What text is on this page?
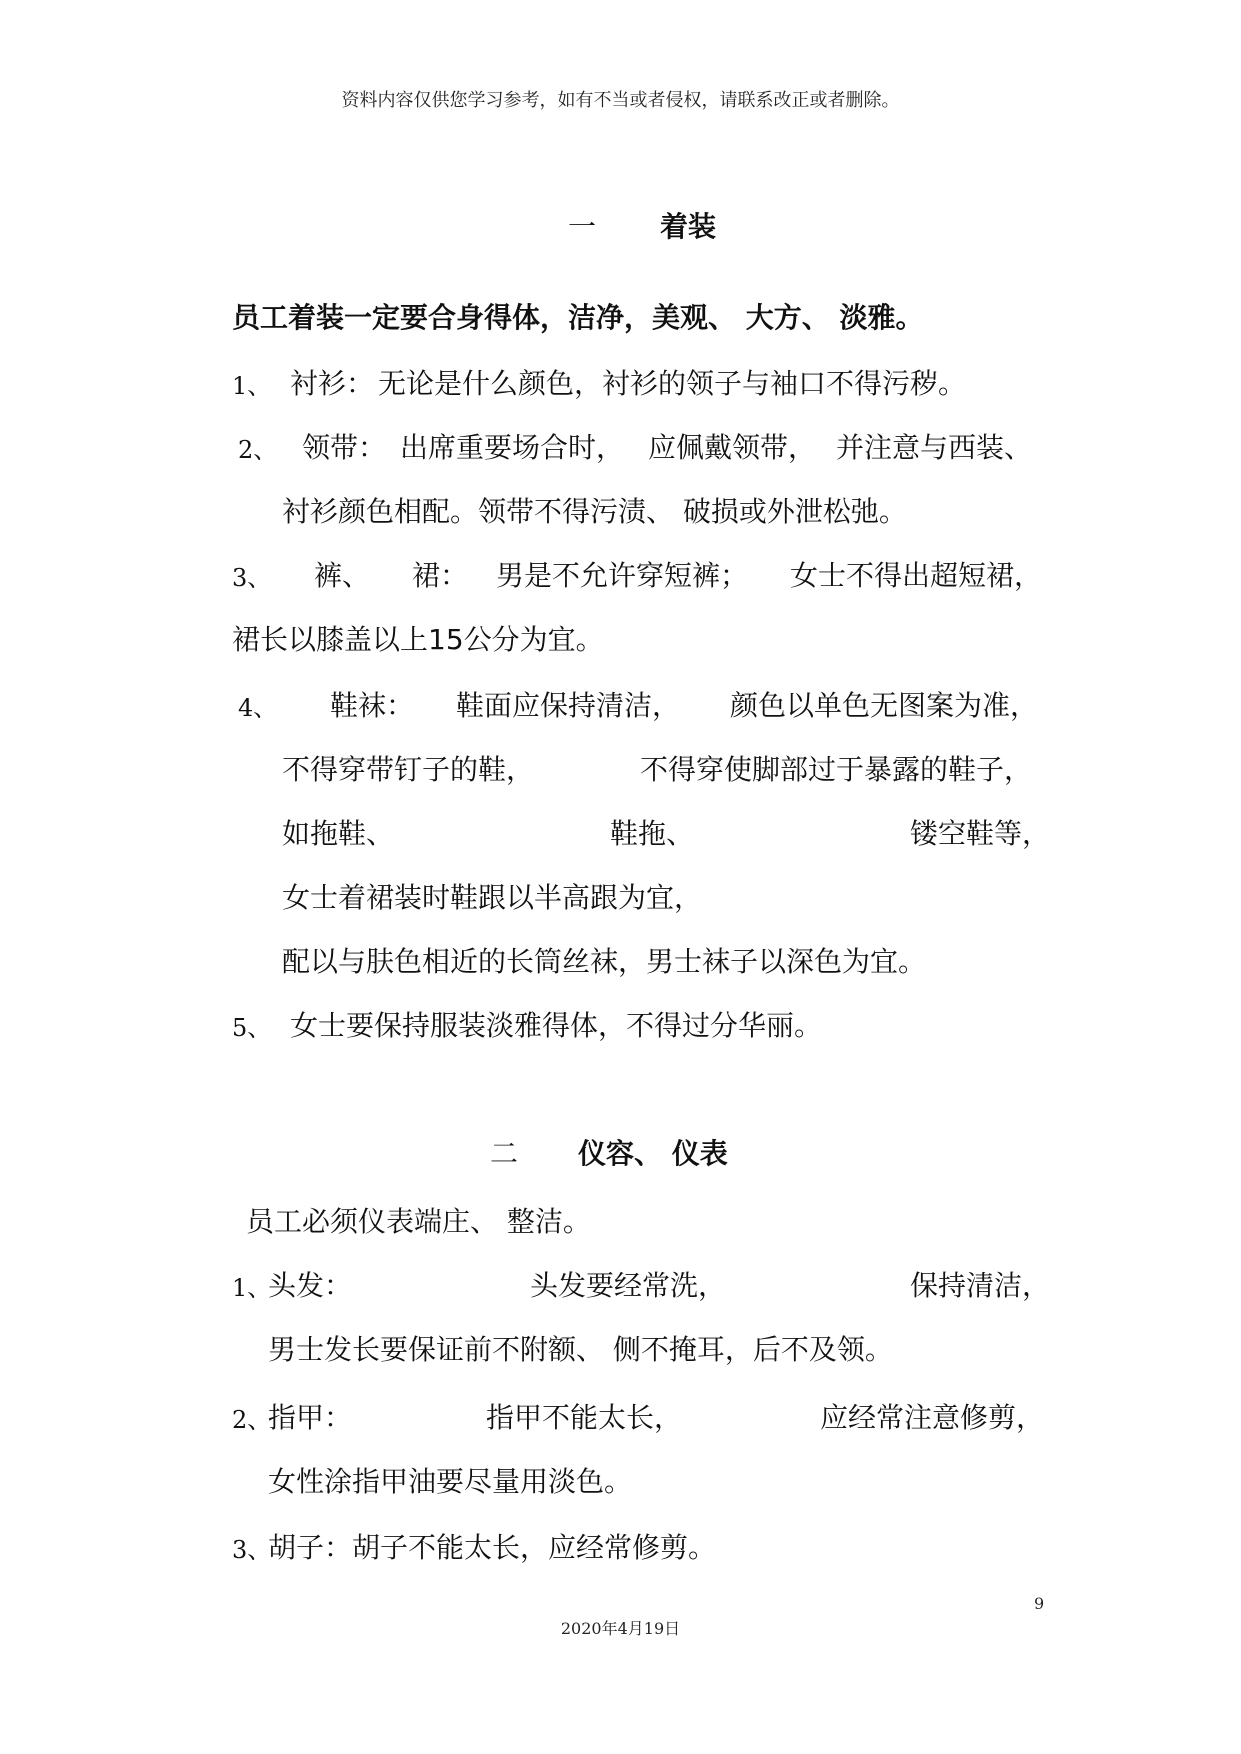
资料内容仅供您学习参考，如有不当或者侵权，请联系改正或者删除。
一 着装
员工着装一定要合身得体，洁净，美观、 大方、 淡雅。
1、 衬衫： 无论是什么颜色，衬衫的领子与袖口不得污秽。
2、 领带： 出席重要场合时， 应佩戴领带， 并注意与西装、
衬衫颜色相配。领带不得污渍、 破损或外泄松弛。
3、 裤、 裙： 男是不允许穿短裤； 女士不得出超短裙，
裙长以膝盖以上15公分为宜。
4、 鞋袜： 鞋面应保持清洁， 颜色以单色无图案为准，
不得穿带钉子的鞋，	不得穿使脚部过于暴露的鞋子，
如拖鞋、	鞋拖、	镂空鞋等，
女士着裙装时鞋跟以半高跟为宜，
配以与肤色相近的长筒丝袜，男士袜子以深色为宜。
5、 女士要保持服装淡雅得体，不得过分华丽。
二 仪容、 仪表
员工必须仪表端庄、 整洁。
1、
头发：	头发要经常洗，	保持清洁，
男士发长要保证前不附额、 侧不掩耳，后不及领。
2、
指甲：	指甲不能太长，	应经常注意修剪，
女性涂指甲油要尽量用淡色。
3、
胡子：胡子不能太长，应经常修剪。
9
2020年4月19日
